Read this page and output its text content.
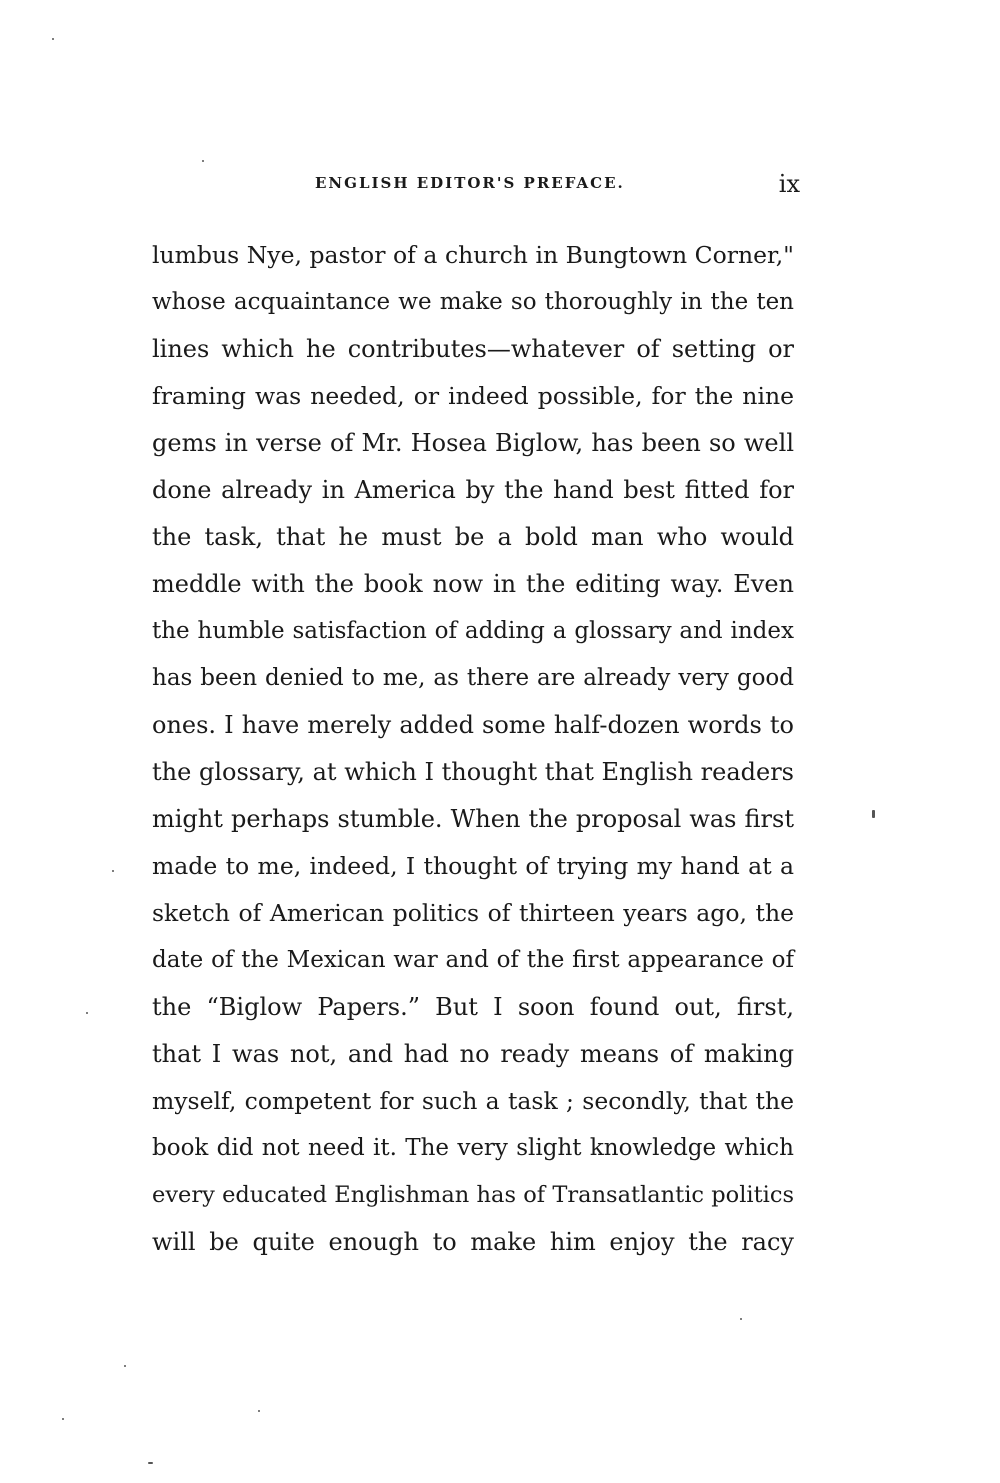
ENGLISH EDITOR'S PREFACE.	ix
lumbus Nye, pastor of a church in Bungtown Corner,"
whose acquaintance we make so thoroughly in the ten
lines which he contributes—whatever of setting or
framing was needed, or indeed possible, for the nine
gems in verse of Mr. Hosea Biglow, has been so well
done already in America by the hand best fitted for
the task, that he must be a bold man who would
meddle with the book now in the editing way. Even
the humble satisfaction of adding a glossary and index
has been denied to me, as there are already very good
ones. I have merely added some half-dozen words to
the glossary, at which I thought that English readers
might perhaps stumble. When the proposal was first
made to me, indeed, I thought of trying my hand at a
sketch of American politics of thirteen years ago, the
date of the Mexican war and of the first appearance of
the “Biglow Papers.” But I soon found out, first,
that I was not, and had no ready means of making
myself, competent for such a task ; secondly, that the
book did not need it. The very slight knowledge which
every educated Englishman has of Transatlantic politics
will be quite enough to make him enjoy the racy
